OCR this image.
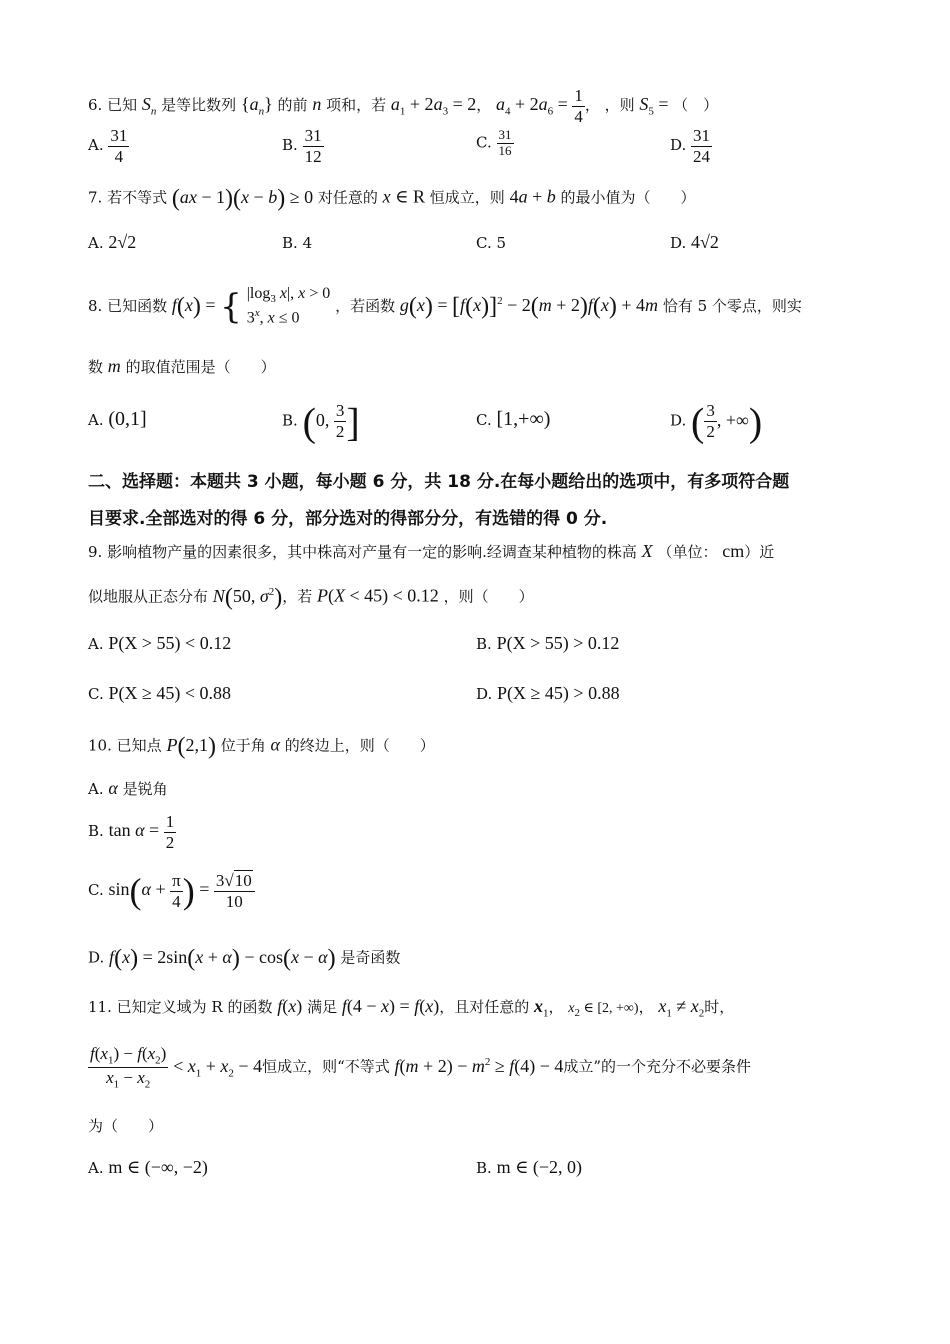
6. 已知 $S_n$ 是等比数列 $\{a_n\}$ 的前 n 项和，若 $a_1 + 2a_3 = 2$， $a_4 + 2a_6 = \frac{1}{4}$ ， ，则 $S_5$ = （　）
A. $\frac{31}{4}$	B. $\frac{31}{12}$	C. $\frac{31}{16}$	D. $\frac{31}{24}$
7. 若不等式 (ax − 1)(x − b) ≥ 0 对任意的 x ∈ R 恒成立，则 4a + b 的最小值为（　　）
A. 2√2	B. 4	C. 5	D. 4√2
8. 已知函数 f(x) = { $|\log_3$ x|, x > 0
3$^x$, x ≤ 0 ，若函数 $g(x) = [f(x)]^2 - 2(m + 2)f(x) + 4m$ 恰有 5 个零点，则实
数 m 的取值范围是（　　）
A. (0,1]	B. (0, $\frac{3}{2}$ ]	C. [1,+∞)	D. ( $\frac{3}{2}$ , +∞)
二、选择题：本题共 3 小题，每小题 6 分，共 18 分.在每小题给出的选项中，有多项符合题
目要求.全部选对的得 6 分，部分选对的得部分分，有选错的得 0 分.
9. 影响植物产量的因素很多，其中株高对产量有一定的影响.经调查某种植物的株高 X （单位： cm）近
似地服从正态分布 N(50, $\sigma^2$)，若 P(X < 45) < 0.12 ，则（　　）
A. P(X > 55) < 0.12	B. P(X > 55) > 0.12
C. P(X ≥ 45) < 0.88	D. P(X ≥ 45) > 0.88
10. 已知点 P(2,1) 位于角 α 的终边上，则（　　）
A. α 是锐角
B. $\tan \alpha = \frac{1}{2}$
C. $\sin(\alpha + \frac{\pi}{4}$ ) = $\frac{3√10}{10}$
D. f(x) = 2sin(x + α) − cos(x − α) 是奇函数
11. 已知定义域为 R 的函数 f(x) 满足 f(4 − x) = f(x)，且对任意的 $x_1$， $x_2$ ∈ [2, +∞)， $x_1 \ne x_2$时，
$\frac{f(x_1) - f(x_2)}{x_1 - x_2} < x_1 + x_2 - 4$恒成立，则“不等式 $f(m + 2) - m^2 \ge f(4) - 4$成立”的一个充分不必要条件
为（　　）
A. m ∈ (−∞, −2)	B. m ∈ (−2, 0)
